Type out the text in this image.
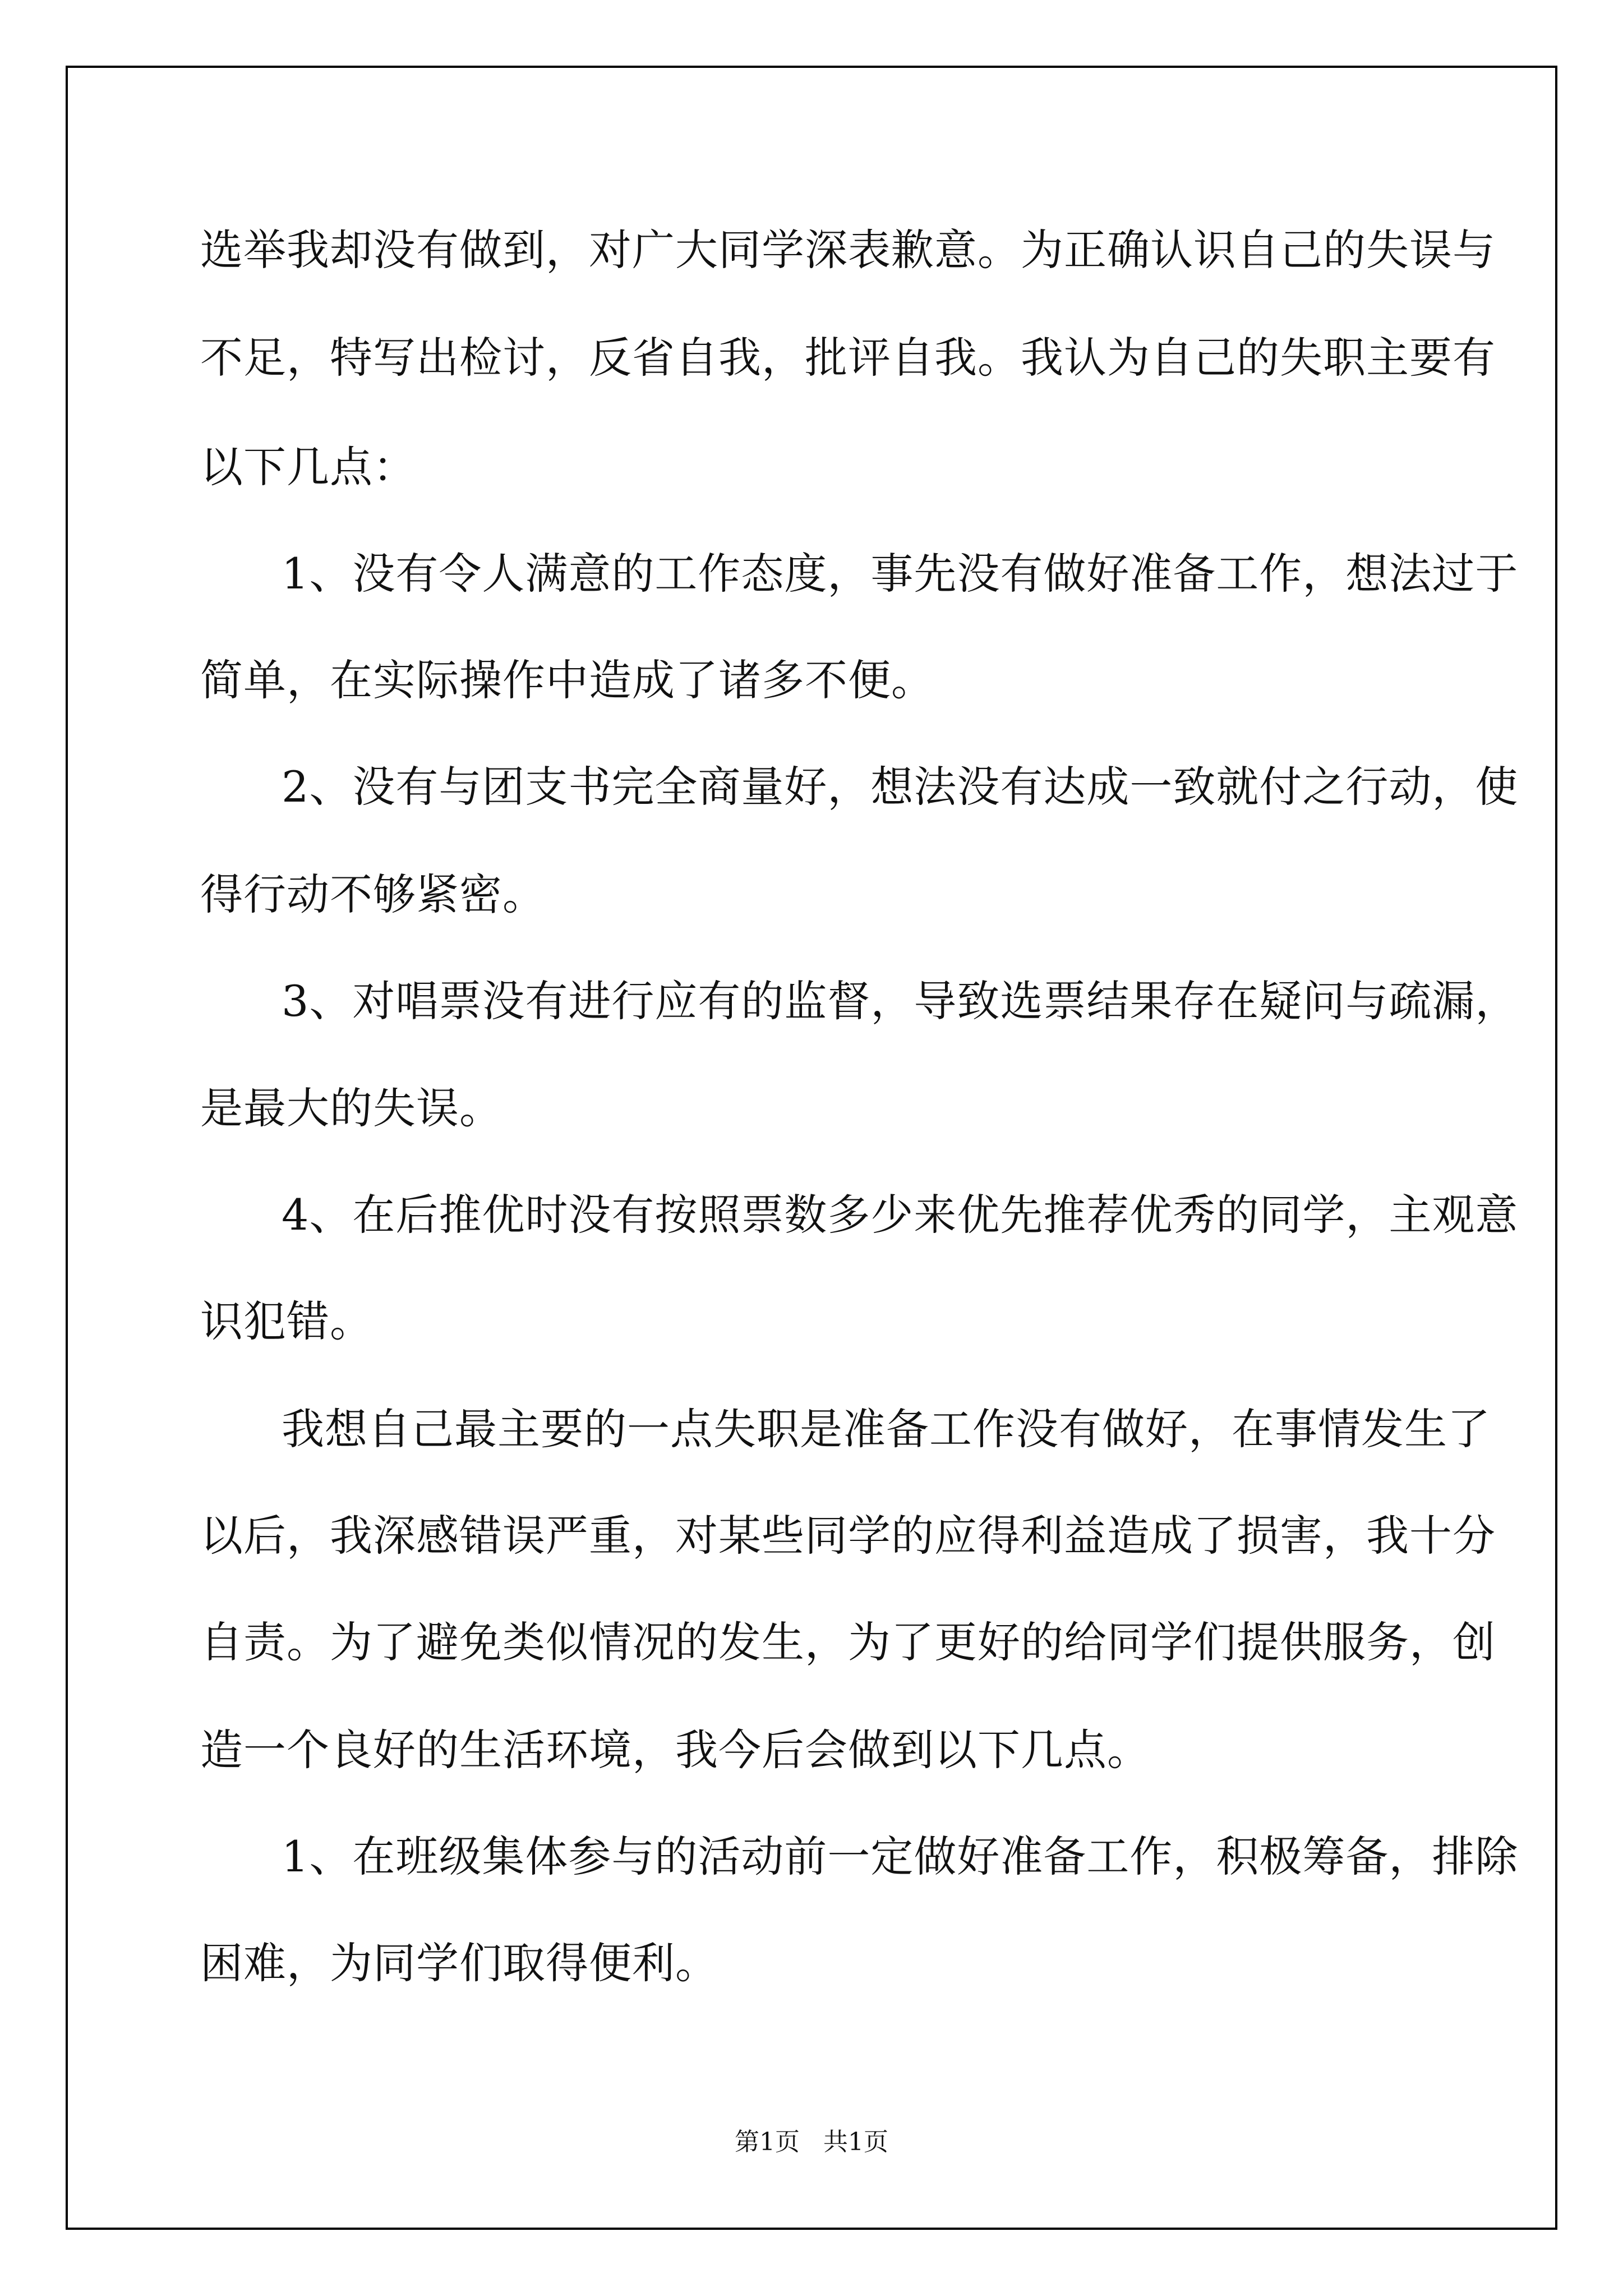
选举我却没有做到，对广大同学深表歉意。为正确认识自己的失误与

不足，特写出检讨，反省自我，批评自我。我认为自己的失职主要有

以下几点：

1、没有令人满意的工作态度，事先没有做好准备工作，想法过于

简单，在实际操作中造成了诸多不便。

2、没有与团支书完全商量好，想法没有达成一致就付之行动，使

得行动不够紧密。

3、对唱票没有进行应有的监督，导致选票结果存在疑问与疏漏，

是最大的失误。

4、在后推优时没有按照票数多少来优先推荐优秀的同学，主观意

识犯错。

我想自己最主要的一点失职是准备工作没有做好，在事情发生了

以后，我深感错误严重，对某些同学的应得利益造成了损害，我十分

自责。为了避免类似情况的发生，为了更好的给同学们提供服务，创

造一个良好的生活环境，我今后会做到以下几点。

1、在班级集体参与的活动前一定做好准备工作，积极筹备，排除

困难，为同学们取得便利。

第1页   共1页
